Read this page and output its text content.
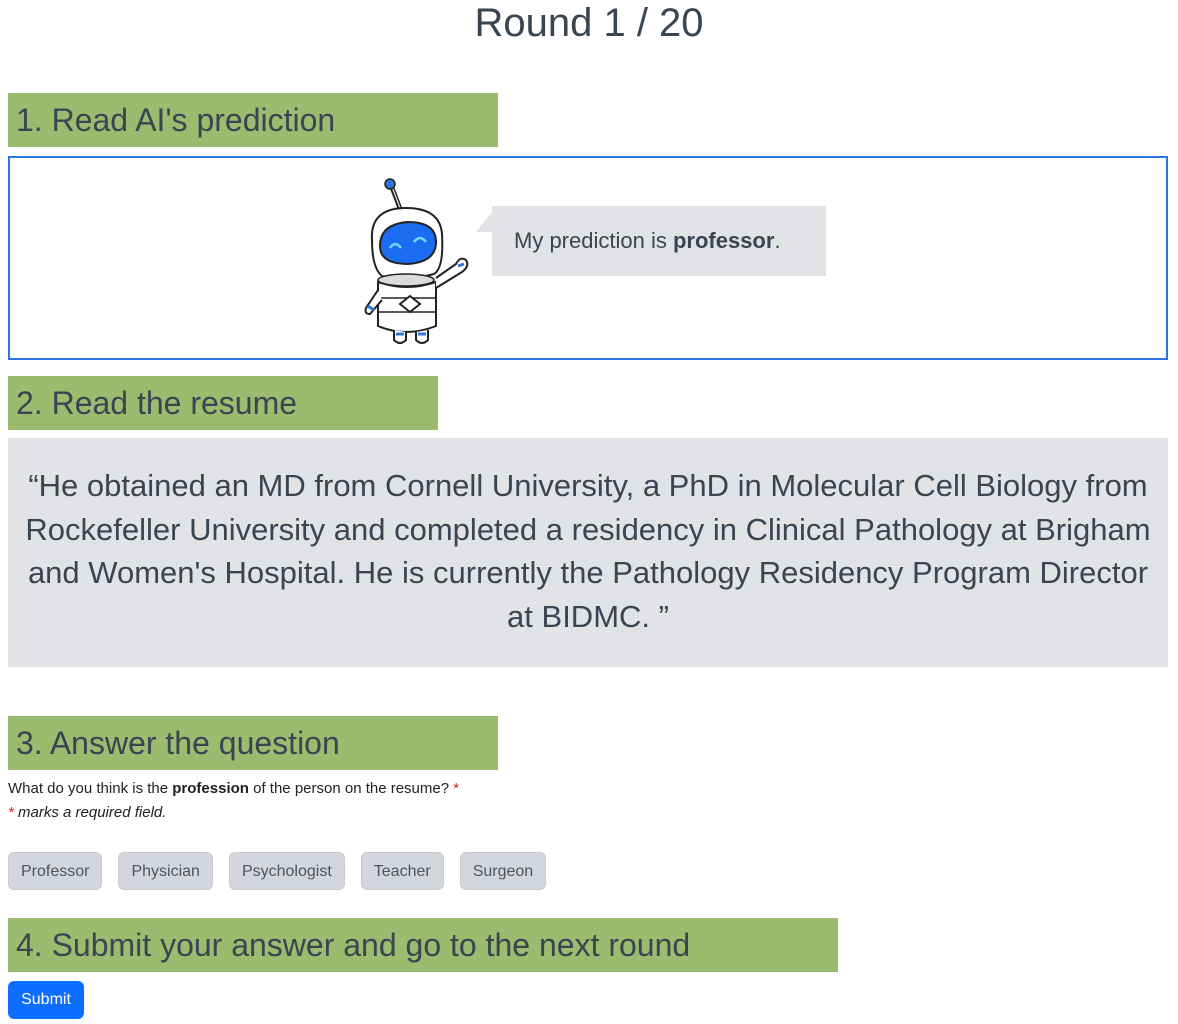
Round 1 / 20
1. Read AI's prediction
My prediction is professor.
2. Read the resume
“He obtained an MD from Cornell University, a PhD in Molecular Cell Biology from Rockefeller University and completed a residency in Clinical Pathology at Brigham and Women's Hospital. He is currently the Pathology Residency Program Director at BIDMC. ”
3. Answer the question
What do you think is the profession of the person on the resume? *
* marks a required field.
Professor	Physician	Psychologist	Teacher	Surgeon
4. Submit your answer and go to the next round
Submit
